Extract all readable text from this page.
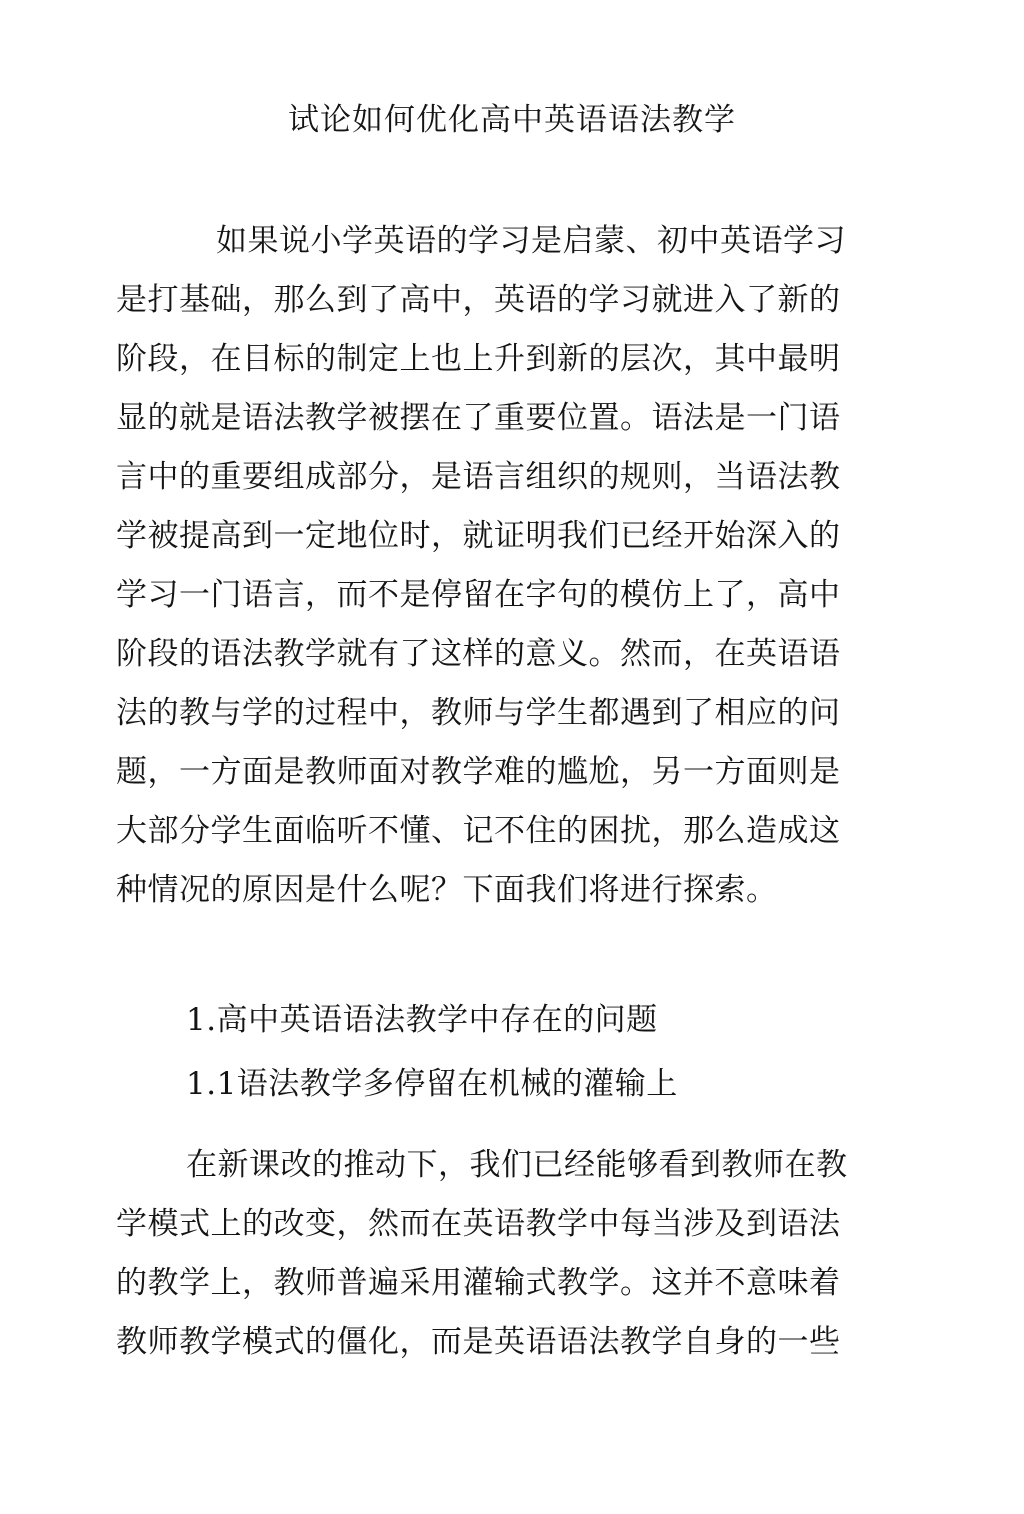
试论如何优化高中英语语法教学
如果说小学英语的学习是启蒙、初中英语学习
是打基础，那么到了高中，英语的学习就进入了新的
阶段，在目标的制定上也上升到新的层次，其中最明
显的就是语法教学被摆在了重要位置。语法是一门语
言中的重要组成部分，是语言组织的规则，当语法教
学被提高到一定地位时，就证明我们已经开始深入的
学习一门语言，而不是停留在字句的模仿上了，高中
阶段的语法教学就有了这样的意义。然而，在英语语
法的教与学的过程中，教师与学生都遇到了相应的问
题，一方面是教师面对教学难的尴尬，另一方面则是
大部分学生面临听不懂、记不住的困扰，那么造成这
种情况的原因是什么呢？下面我们将进行探索。
1.高中英语语法教学中存在的问题
1.1语法教学多停留在机械的灌输上
在新课改的推动下，我们已经能够看到教师在教
学模式上的改变，然而在英语教学中每当涉及到语法
的教学上，教师普遍采用灌输式教学。这并不意味着
教师教学模式的僵化，而是英语语法教学自身的一些
